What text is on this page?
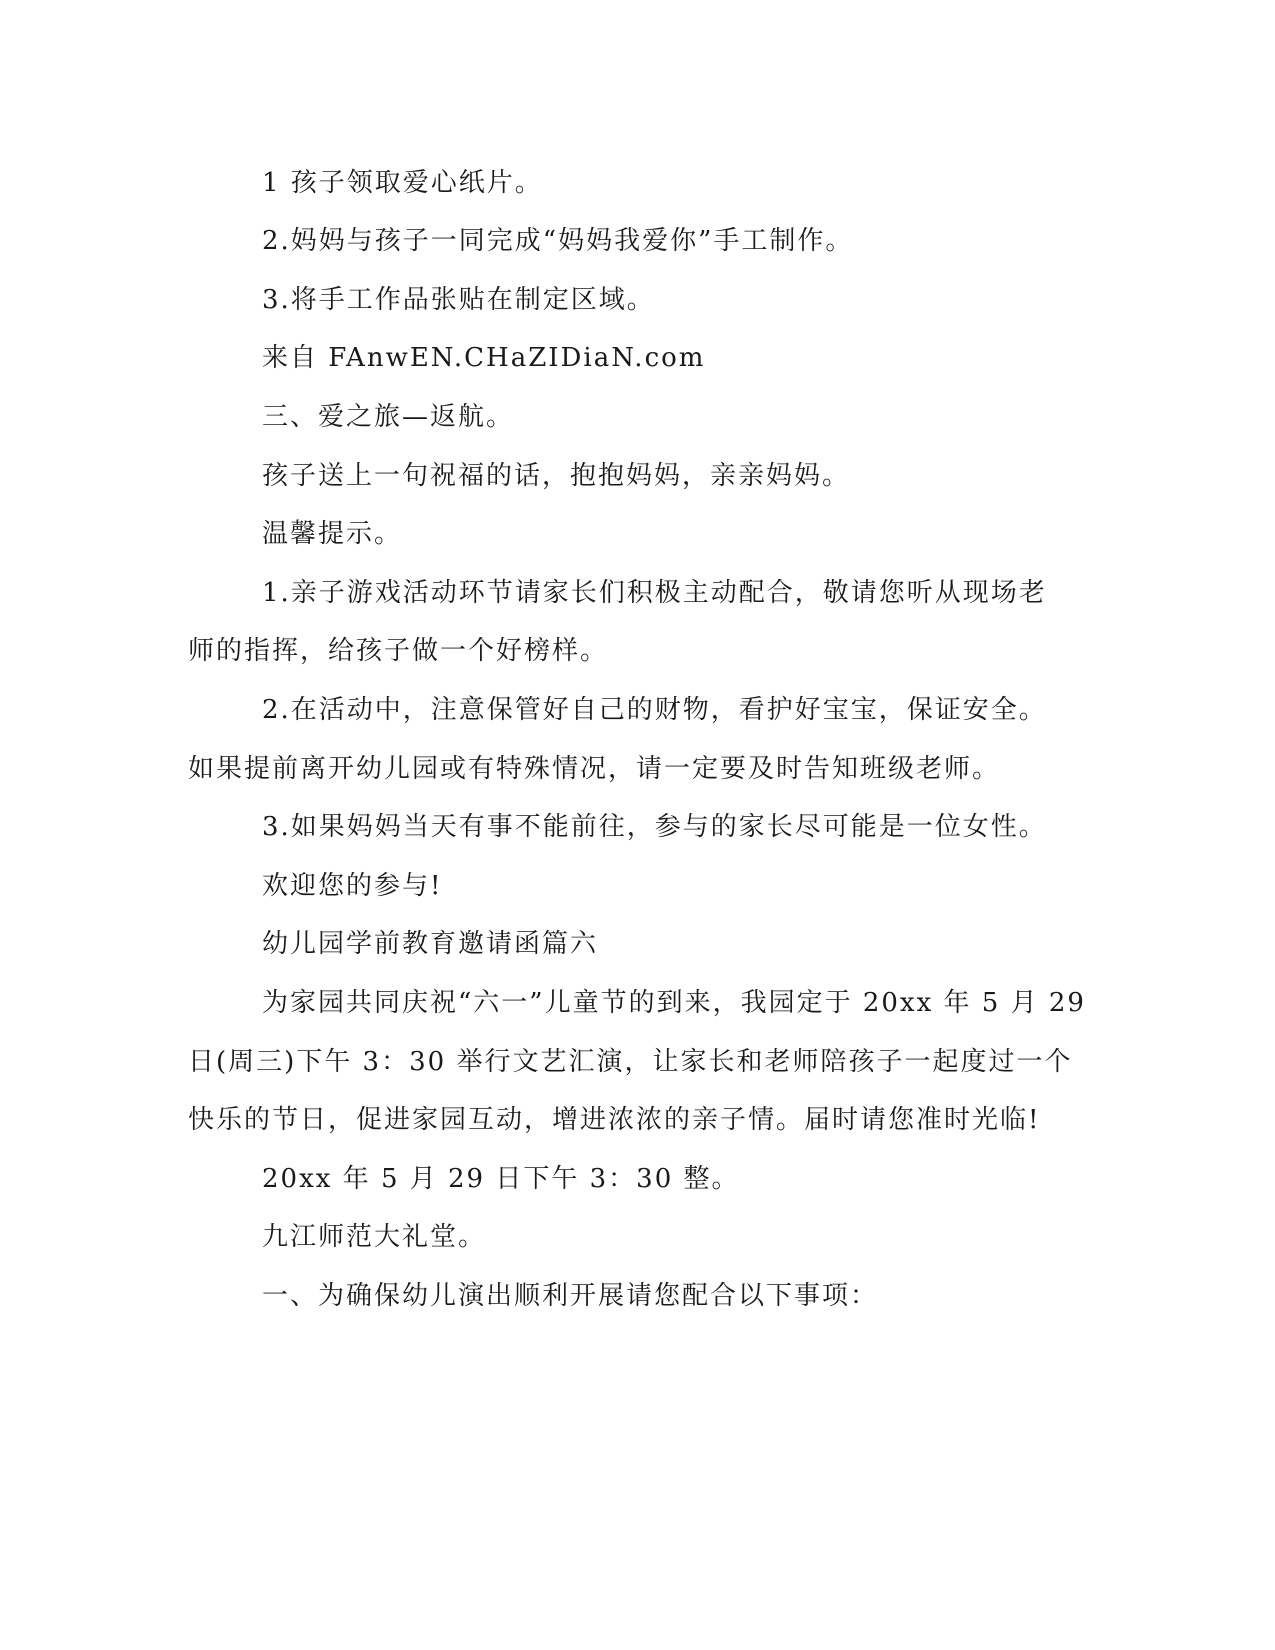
1 孩子领取爱心纸片。
2.妈妈与孩子一同完成“妈妈我爱你”手工制作。
3.将手工作品张贴在制定区域。
来自 FAnwEN.CHaZIDiaN.com
三、爱之旅—返航。
孩子送上一句祝福的话，抱抱妈妈，亲亲妈妈。
温馨提示。
1.亲子游戏活动环节请家长们积极主动配合，敬请您听从现场老
师的指挥，给孩子做一个好榜样。
2.在活动中，注意保管好自己的财物，看护好宝宝，保证安全。
如果提前离开幼儿园或有特殊情况，请一定要及时告知班级老师。
3.如果妈妈当天有事不能前往，参与的家长尽可能是一位女性。
欢迎您的参与!
幼儿园学前教育邀请函篇六
为家园共同庆祝“六一”儿童节的到来，我园定于 20xx 年 5 月 29
日(周三)下午 3：30 举行文艺汇演，让家长和老师陪孩子一起度过一个
快乐的节日，促进家园互动，增进浓浓的亲子情。届时请您准时光临!
20xx 年 5 月 29 日下午 3：30 整。
九江师范大礼堂。
一、为确保幼儿演出顺利开展请您配合以下事项：
